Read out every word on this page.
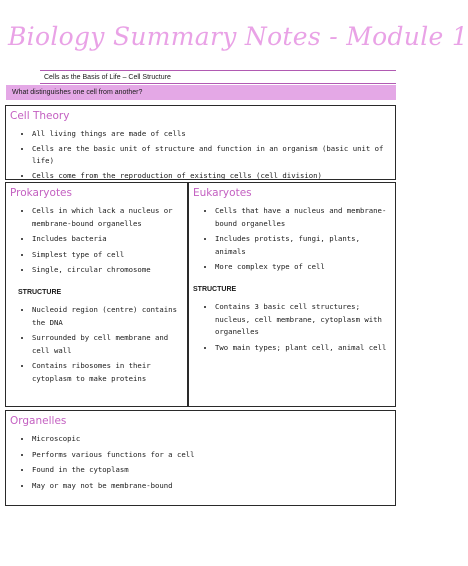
Biology Summary Notes - Module 1
Cells as the Basis of Life – Cell Structure
What distinguishes one cell from another?
Cell Theory
• All living things are made of cells
• Cells are the basic unit of structure and function in an organism (basic unit of life)
• Cells come from the reproduction of existing cells (cell division)
Prokaryotes
• Cells in which lack a nucleus or membrane-bound organelles
• Includes bacteria
• Simplest type of cell
• Single, circular chromosome
STRUCTURE
• Nucleoid region (centre) contains the DNA
• Surrounded by cell membrane and cell wall
• Contains ribosomes in their cytoplasm to make proteins
Eukaryotes
• Cells that have a nucleus and membrane-bound organelles
• Includes protists, fungi, plants, animals
• More complex type of cell
STRUCTURE
• Contains 3 basic cell structures; nucleus, cell membrane, cytoplasm with organelles
• Two main types; plant cell, animal cell
Organelles
• Microscopic
• Performs various functions for a cell
• Found in the cytoplasm
• May or may not be membrane-bound
